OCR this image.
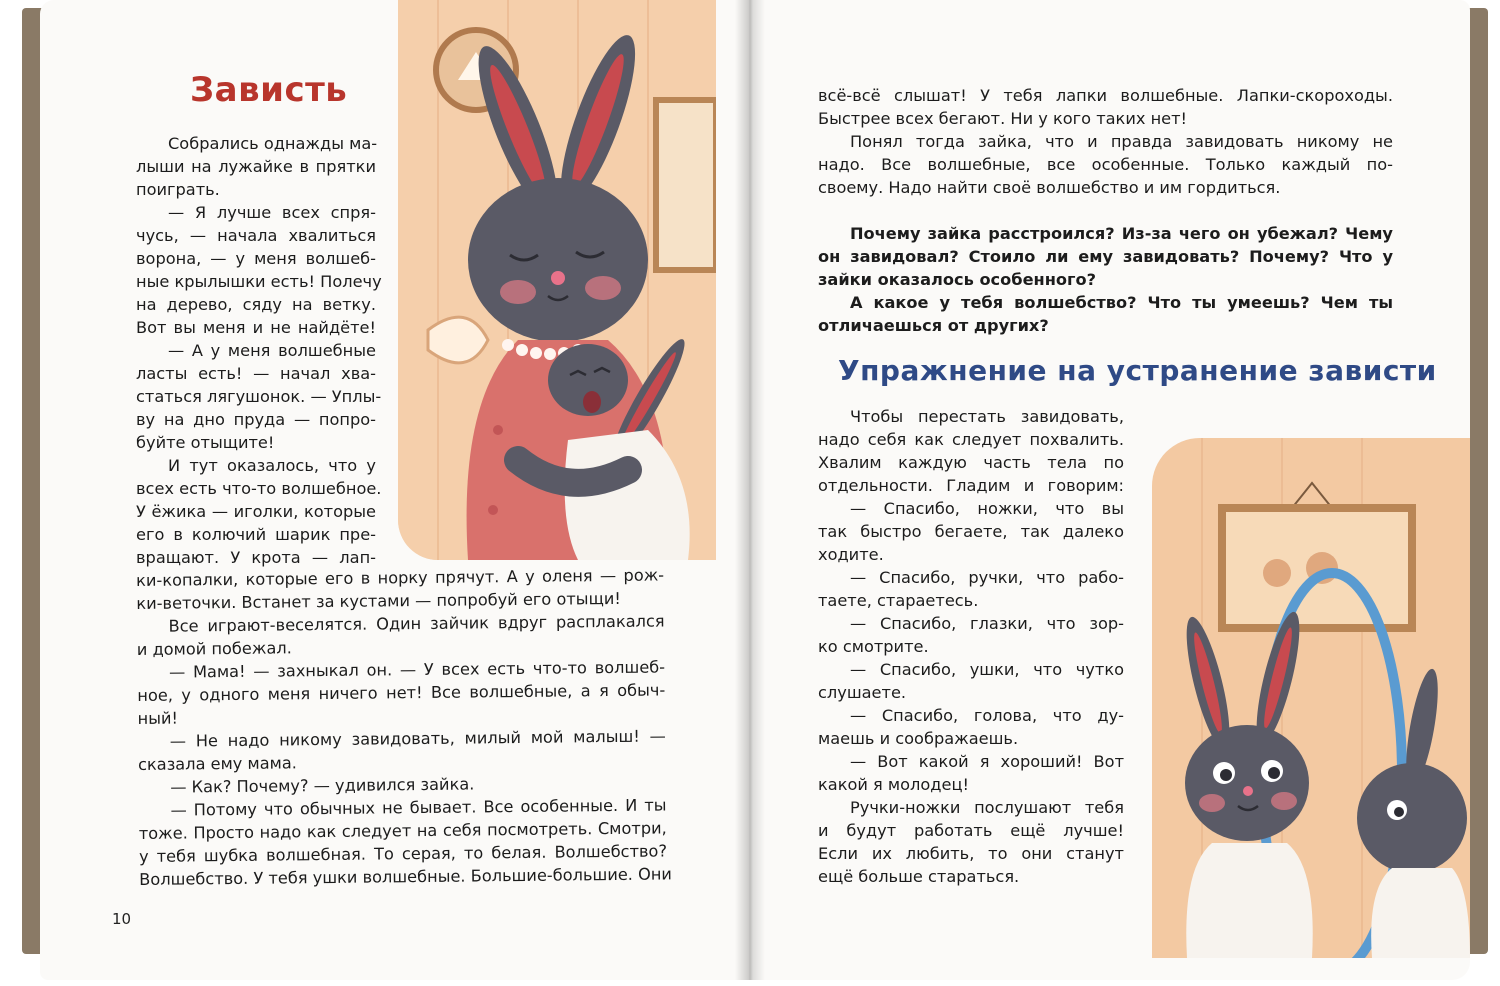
Зависть
Собрались однажды ма-
лыши на лужайке в прятки
поиграть.
— Я лучше всех спря-
чусь, — начала хвалиться
ворона, — у меня волшеб-
ные крылышки есть! Полечу
на дерево, сяду на ветку.
Вот вы меня и не найдёте!
— А у меня волшебные
ласты есть! — начал хва-
статься лягушонок. — Уплы-
ву на дно пруда — попро-
буйте отыщите!
И тут оказалось, что у
всех есть что-то волшебное.
У ёжика — иголки, которые
его в колючий шарик пре-
вращают. У крота — лап-
ки-копалки, которые его в норку прячут. А у оленя — рож-
ки-веточки. Встанет за кустами — попробуй его отыщи!
Все играют-веселятся. Один зайчик вдруг расплакался
и домой побежал.
— Мама! — захныкал он. — У всех есть что-то волшеб-
ное, у одного меня ничего нет! Все волшебные, а я обыч-
ный!
— Не надо никому завидовать, милый мой малыш! —
сказала ему мама.
— Как? Почему? — удивился зайка.
— Потому что обычных не бывает. Все особенные. И ты
тоже. Просто надо как следует на себя посмотреть. Смотри,
у тебя шубка волшебная. То серая, то белая. Волшебство?
Волшебство. У тебя ушки волшебные. Большие-большие. Они
10
всё-всё слышат! У тебя лапки волшебные. Лапки-скороходы.
Быстрее всех бегают. Ни у кого таких нет!
Понял тогда зайка, что и правда завидовать никому не
надо. Все волшебные, все особенные. Только каждый по-
своему. Надо найти своё волшебство и им гордиться.
Почему зайка расстроился? Из-за чего он убежал? Чему
он завидовал? Стоило ли ему завидовать? Почему? Что у
зайки оказалось особенного?
А какое у тебя волшебство? Что ты умеешь? Чем ты
отличаешься от других?
Упражнение на устранение зависти
Чтобы перестать завидовать,
надо себя как следует похвалить.
Хвалим каждую часть тела по
отдельности. Гладим и говорим:
— Спасибо, ножки, что вы
так быстро бегаете, так далеко
ходите.
— Спасибо, ручки, что рабо-
таете, стараетесь.
— Спасибо, глазки, что зор-
ко смотрите.
— Спасибо, ушки, что чутко
слушаете.
— Спасибо, голова, что ду-
маешь и соображаешь.
— Вот какой я хороший! Вот
какой я молодец!
Ручки-ножки послушают тебя
и будут работать ещё лучше!
Если их любить, то они станут
ещё больше стараться.
